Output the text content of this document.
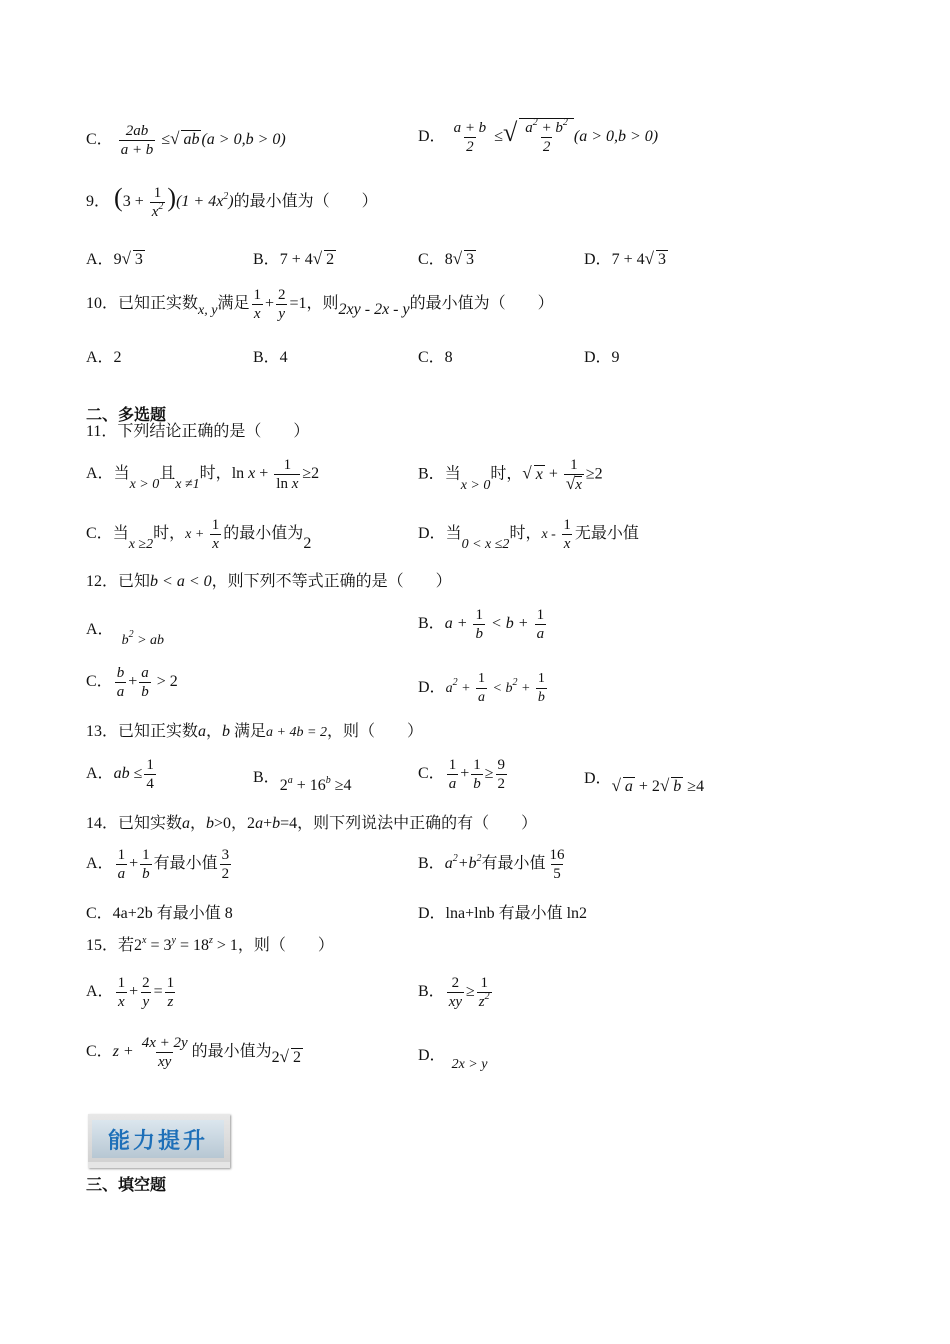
C． $\frac{2ab}{a + b}$ ≤√ ab (a > 0,b > 0)	D． $\frac{a + b}{2}$ ≤√ $\frac{a^2 + b^2}{2} (a > 0,b > 0)$
9． $(3 + \frac{1}{x^2} )(1 + 4x^2)$的最小值为（　　）
A．9√ 3	B．7 + 4√ 2	C．8√ 3	D．7 + 4√ 3
10．已知正实数x, y满足 $\frac{1}{x} + \frac{2}{y} =1$，则2xy - 2x - y的最小值为（　　）
A．2	B．4	C．8	D．9
二、多选题
11．下列结论正确的是（　　）
A．当x > 0且x ≠1时，$\ln x + \frac{1}{\text{ln x}} \ge 2$	B．当x > 0时，√ $x + \frac{1}{√x} \ge 2$
C．当x ≥2时，$x + \frac{1}{x}$ 的最小值为2
D．当0 < x ≤2时，x - $\frac{1}{x}$ 无最小值
12．已知b < a < 0，则下列不等式正确的是（　　）
A．$b^2$ > ab
B．$a + \frac{1}{b} < b + \frac{1}{a}$
C． $\frac{b}{a} + \frac{a}{b} > 2$	D．$a^2 + \frac{1}{a} < b^2 + \frac{1}{b}$
13．已知正实数a，b 满足a + 4b = 2，则（　　）
A．ab ≤ $\frac{1}{4}$	B．$2^a + 16^b \ge 4$
C． $\frac{1}{a} + \frac{1}{b} \ge \frac{9}{2}$	D．√ a + 2√ b ≥4
14．已知实数a，b>0，2a+b=4，则下列说法中正确的有（　　）
A． $\frac{1}{a} + \frac{1}{b}$ 有最小值 $\frac{3}{2}$	B．$a^2+b^2$有最小值 $\frac{16}{5}$
C．4a+2b 有最小值 8	D．lna+lnb 有最小值 ln2
15．若$2^x = 3^y = 18^z > 1$，则（　　）
A． $\frac{1}{x} + \frac{2}{y} = \frac{1}{z}$	B． $\frac{2}{xy} \ge \frac{1}{z^2}$
C．$z + \frac{4x + 2y}{xy}$ 的最小值为2√ 2	D．2x > y
能力提升
三、填空题
